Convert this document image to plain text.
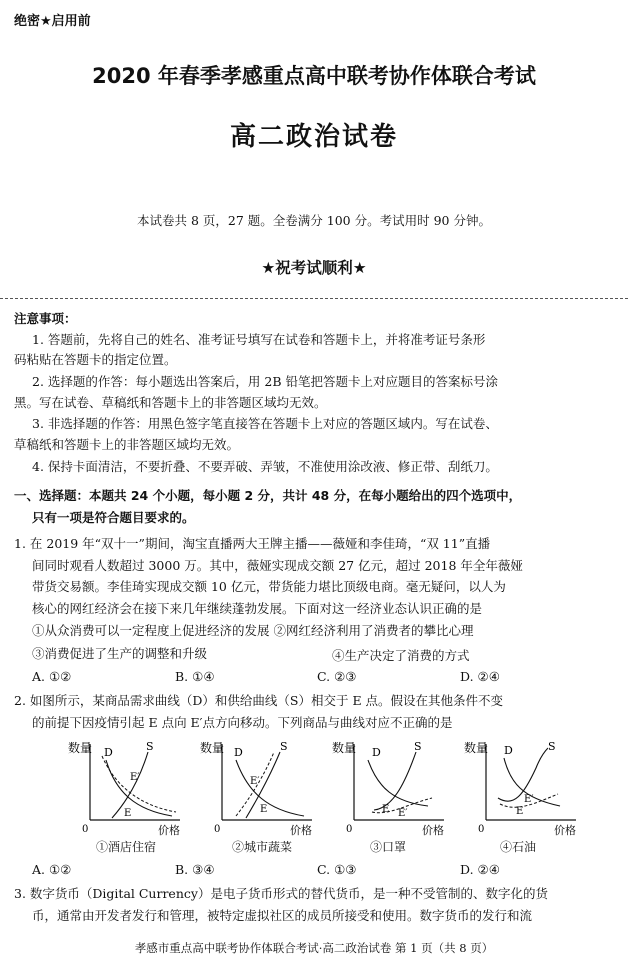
绝密★启用前
2020 年春季孝感重点高中联考协作体联合考试
高二政治试卷
本试卷共 8 页，27 题。全卷满分 100 分。考试用时 90 分钟。
★祝考试顺利★
注意事项：
1. 答题前，先将自己的姓名、准考证号填写在试卷和答题卡上，并将准考证号条形
码粘贴在答题卡的指定位置。
2. 选择题的作答：每小题选出答案后，用 2B 铅笔把答题卡上对应题目的答案标号涂
黑。写在试卷、草稿纸和答题卡上的非答题区域均无效。
3. 非选择题的作答：用黑色签字笔直接答在答题卡上对应的答题区域内。写在试卷、
草稿纸和答题卡上的非答题区域均无效。
4. 保持卡面清洁，不要折叠、不要弄破、弄皱，不准使用涂改液、修正带、刮纸刀。
一、选择题：本题共 24 个小题，每小题 2 分，共计 48 分，在每小题给出的四个选项中，
只有一项是符合题目要求的。
1. 在 2019 年“双十一”期间，淘宝直播两大王牌主播——薇娅和李佳琦，“双 11”直播
间同时观看人数超过 3000 万。其中，薇娅实现成交额 27 亿元，超过 2018 年全年薇娅
带货交易额。李佳琦实现成交额 10 亿元，带货能力堪比顶级电商。毫无疑问，以人为
核心的网红经济会在接下来几年继续蓬勃发展。下面对这一经济业态认识正确的是
①从众消费可以一定程度上促进经济的发展 ②网红经济利用了消费者的攀比心理
③消费促进了生产的调整和升级	④生产决定了消费的方式
A. ①②	B. ①④	C. ②③	D. ②④
2. 如图所示，某商品需求曲线（D）和供给曲线（S）相交于 E 点。假设在其他条件不变
的前提下因疫情引起 E 点向 E′点方向移动。下列商品与曲线对应不正确的是
数量
0	价格
D	S
E′
E
①酒店住宿
数量
0	价格
D	S
E′
E
②城市蔬菜
数量
0	价格
D	S
E E′
③口罩
数量
0	价格
D	S
E′
E
④石油
A. ①②	B. ③④	C. ①③	D. ②④
3. 数字货币（Digital Currency）是电子货币形式的替代货币，是一种不受管制的、数字化的货
币，通常由开发者发行和管理，被特定虚拟社区的成员所接受和使用。数字货币的发行和流
孝感市重点高中联考协作体联合考试·高二政治试卷 第 1 页（共 8 页）
